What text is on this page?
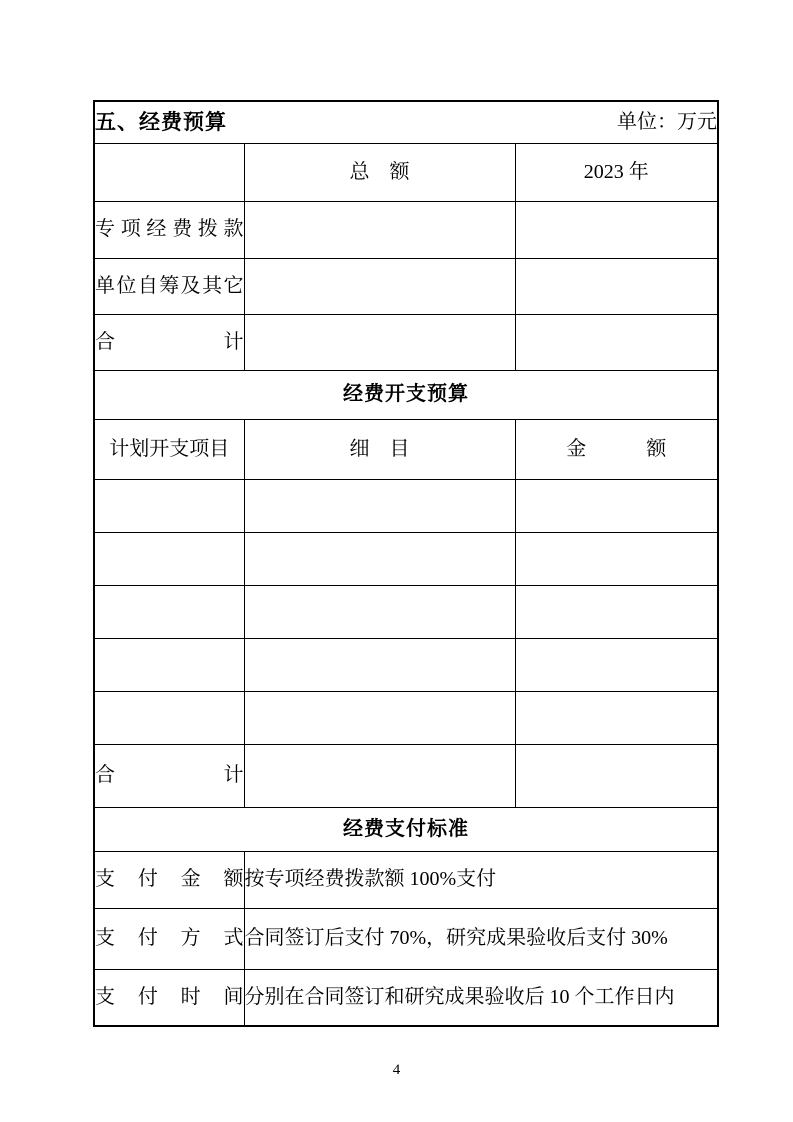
五、经费预算 单位：万元		

	总　额	2023 年
专项经费拨款		
单位自筹及其它		
合计		
经费开支预算		
计划开支项目	细　目	金　　　额

合计		
经费支付标准		
支付金额	按专项经费拨款额 100%支付	
支付方式	合同签订后支付 70%，研究成果验收后支付 30%	
支付时间	分别在合同签订和研究成果验收后 10 个工作日内	
4
